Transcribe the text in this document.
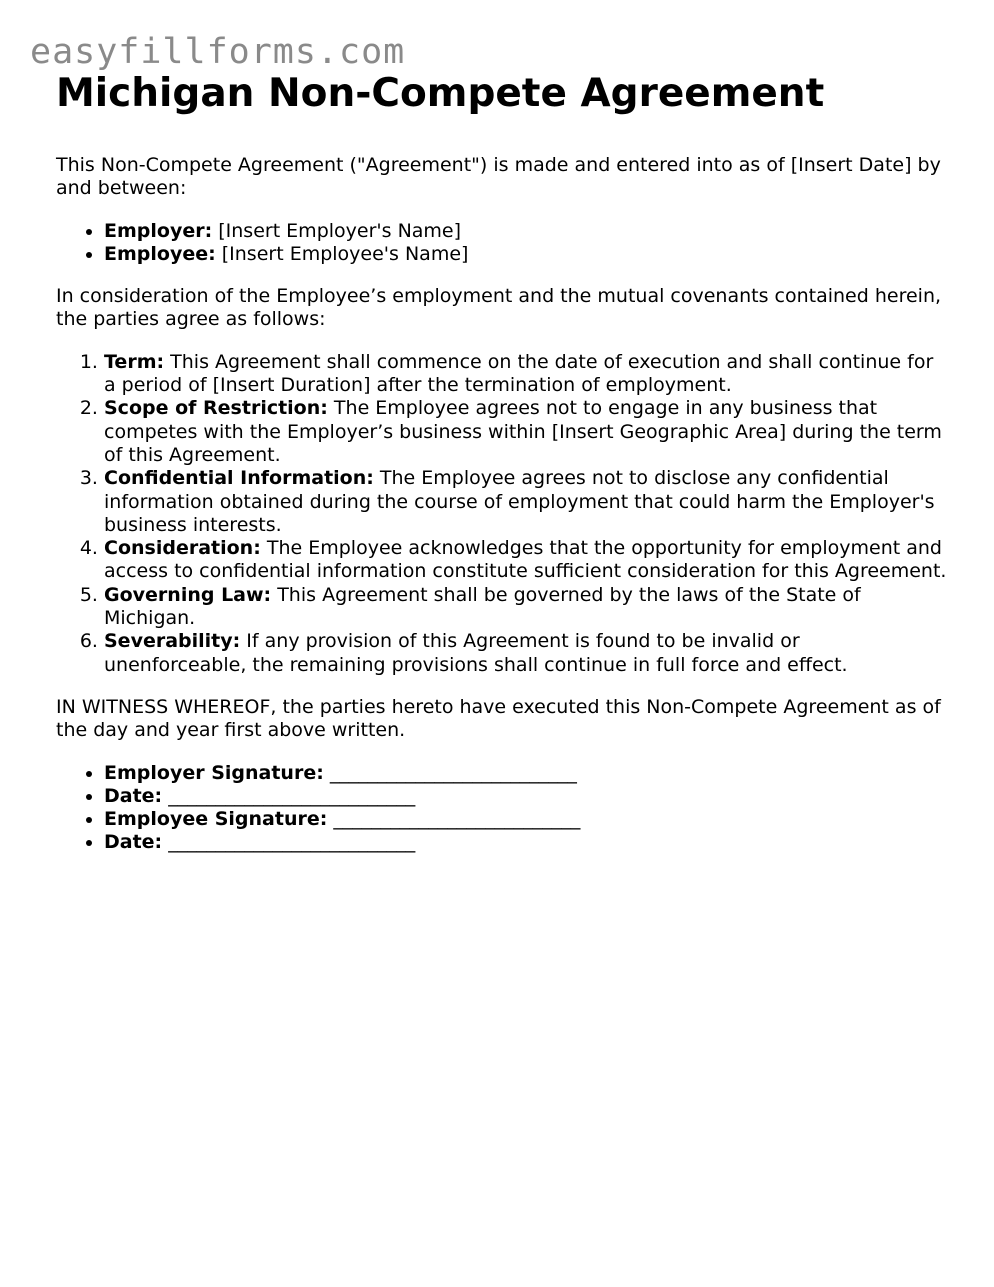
easyfillforms.com
Michigan Non-Compete Agreement

This Non-Compete Agreement ("Agreement") is made and entered into as of [Insert Date] by and between:

• Employer: [Insert Employer's Name]
• Employee: [Insert Employee's Name]

In consideration of the Employee’s employment and the mutual covenants contained herein, the parties agree as follows:

1. Term: This Agreement shall commence on the date of execution and shall continue for a period of [Insert Duration] after the termination of employment.
2. Scope of Restriction: The Employee agrees not to engage in any business that competes with the Employer’s business within [Insert Geographic Area] during the term of this Agreement.
3. Confidential Information: The Employee agrees not to disclose any confidential information obtained during the course of employment that could harm the Employer's business interests.
4. Consideration: The Employee acknowledges that the opportunity for employment and access to confidential information constitute sufficient consideration for this Agreement.
5. Governing Law: This Agreement shall be governed by the laws of the State of Michigan.
6. Severability: If any provision of this Agreement is found to be invalid or unenforceable, the remaining provisions shall continue in full force and effect.

IN WITNESS WHEREOF, the parties hereto have executed this Non-Compete Agreement as of the day and year first above written.

• Employer Signature: __________________________
• Date: __________________________
• Employee Signature: __________________________
• Date: __________________________
